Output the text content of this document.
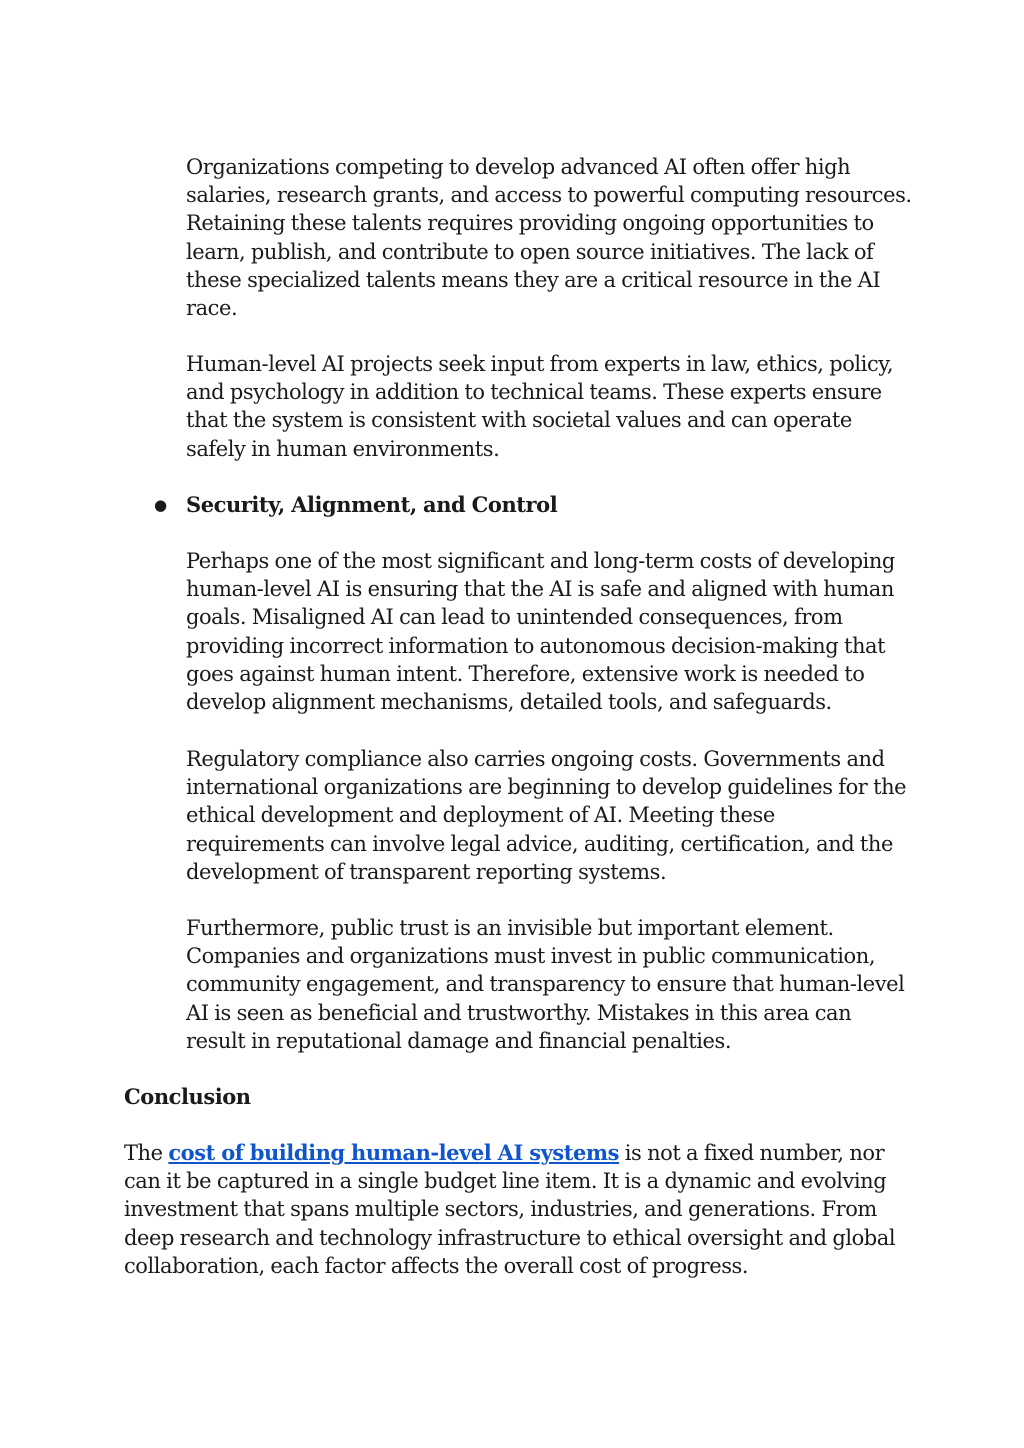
Organizations competing to develop advanced AI often offer high salaries, research grants, and access to powerful computing resources. Retaining these talents requires providing ongoing opportunities to learn, publish, and contribute to open source initiatives. The lack of these specialized talents means they are a critical resource in the AI race.

Human-level AI projects seek input from experts in law, ethics, policy, and psychology in addition to technical teams. These experts ensure that the system is consistent with societal values and can operate safely in human environments.

● Security, Alignment, and Control

Perhaps one of the most significant and long-term costs of developing human-level AI is ensuring that the AI is safe and aligned with human goals. Misaligned AI can lead to unintended consequences, from providing incorrect information to autonomous decision-making that goes against human intent. Therefore, extensive work is needed to develop alignment mechanisms, detailed tools, and safeguards.

Regulatory compliance also carries ongoing costs. Governments and international organizations are beginning to develop guidelines for the ethical development and deployment of AI. Meeting these requirements can involve legal advice, auditing, certification, and the development of transparent reporting systems.

Furthermore, public trust is an invisible but important element. Companies and organizations must invest in public communication, community engagement, and transparency to ensure that human-level AI is seen as beneficial and trustworthy. Mistakes in this area can result in reputational damage and financial penalties.

Conclusion

The cost of building human-level AI systems is not a fixed number, nor can it be captured in a single budget line item. It is a dynamic and evolving investment that spans multiple sectors, industries, and generations. From deep research and technology infrastructure to ethical oversight and global collaboration, each factor affects the overall cost of progress.
